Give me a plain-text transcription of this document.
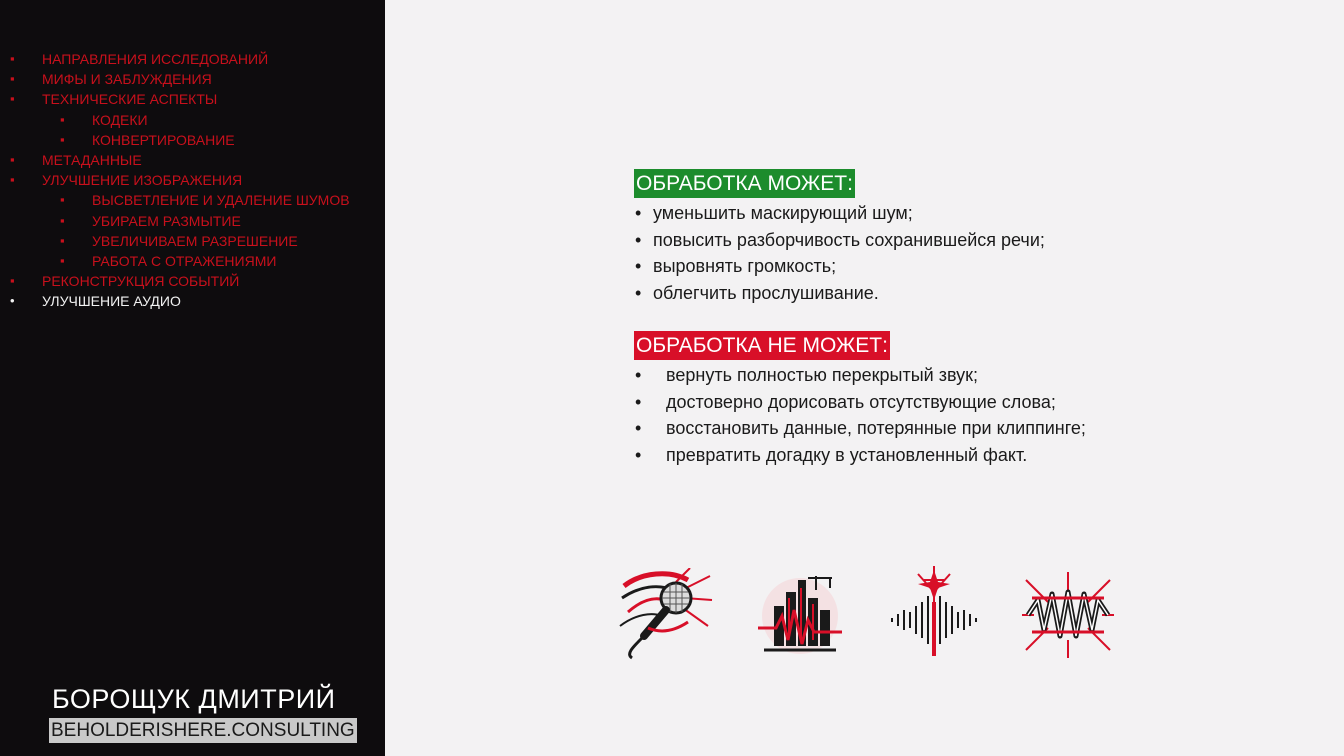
▪ НАПРАВЛЕНИЯ ИССЛЕДОВАНИЙ
▪ МИФЫ И ЗАБЛУЖДЕНИЯ
▪ ТЕХНИЧЕСКИЕ АСПЕКТЫ
▪ КОДЕКИ
▪ КОНВЕРТИРОВАНИЕ
▪ МЕТАДАННЫЕ
▪ УЛУЧШЕНИЕ ИЗОБРАЖЕНИЯ
▪ ВЫСВЕТЛЕНИЕ И УДАЛЕНИЕ ШУМОВ
▪ УБИРАЕМ РАЗМЫТИЕ
▪ УВЕЛИЧИВАЕМ РАЗРЕШЕНИЕ
▪ РАБОТА С ОТРАЖЕНИЯМИ
▪ РЕКОНСТРУКЦИЯ СОБЫТИЙ
• УЛУЧШЕНИЕ АУДИО
БОРОЩУК ДМИТРИЙ
BEHOLDERISHERE.CONSULTING
ОБРАБОТКА МОЖЕТ:
• уменьшить маскирующий шум;
• повысить разборчивость сохранившейся речи;
• выровнять громкость;
• облегчить прослушивание.
ОБРАБОТКА НЕ МОЖЕТ:
• вернуть полностью перекрытый звук;
• достоверно дорисовать отсутствующие слова;
• восстановить данные, потерянные при клиппинге;
• превратить догадку в установленный факт.
